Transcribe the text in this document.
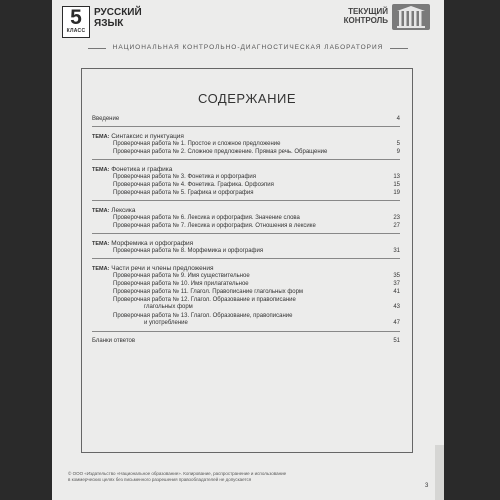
5
КЛАСС
РУССКИЙ ЯЗЫК
ТЕКУЩИЙ КОНТРОЛЬ
НАЦИОНАЛЬНАЯ КОНТРОЛЬНО-ДИАГНОСТИЧЕСКАЯ ЛАБОРАТОРИЯ
СОДЕРЖАНИЕ
Введение	4
ТЕМА: Синтаксис и пунктуация
Проверочная работа № 1. Простое и сложное предложение	5
Проверочная работа № 2. Сложное предложение. Прямая речь. Обращение	9
ТЕМА: Фонетика и графика
Проверочная работа № 3. Фонетика и орфография	13
Проверочная работа № 4. Фонетика. Графика. Орфоэпия	15
Проверочная работа № 5. Графика и орфография	19
ТЕМА: Лексика
Проверочная работа № 6. Лексика и орфография. Значение слова	23
Проверочная работа № 7. Лексика и орфография. Отношения в лексике	27
ТЕМА: Морфемика и орфография
Проверочная работа № 8. Морфемика и орфография	31
ТЕМА: Части речи и члены предложения
Проверочная работа № 9. Имя существительное	35
Проверочная работа № 10. Имя прилагательное	37
Проверочная работа № 11. Глагол. Правописание глагольных форм	41
Проверочная работа № 12. Глагол. Образование и правописание
глагольных форм	43
Проверочная работа № 13. Глагол. Образование, правописание
и употребление	47
Бланки ответов	51
© ООО «Издательство «Национальное образование». Копирование, распространение и использование
в коммерческих целях без письменного разрешения правообладателей не допускается
3
